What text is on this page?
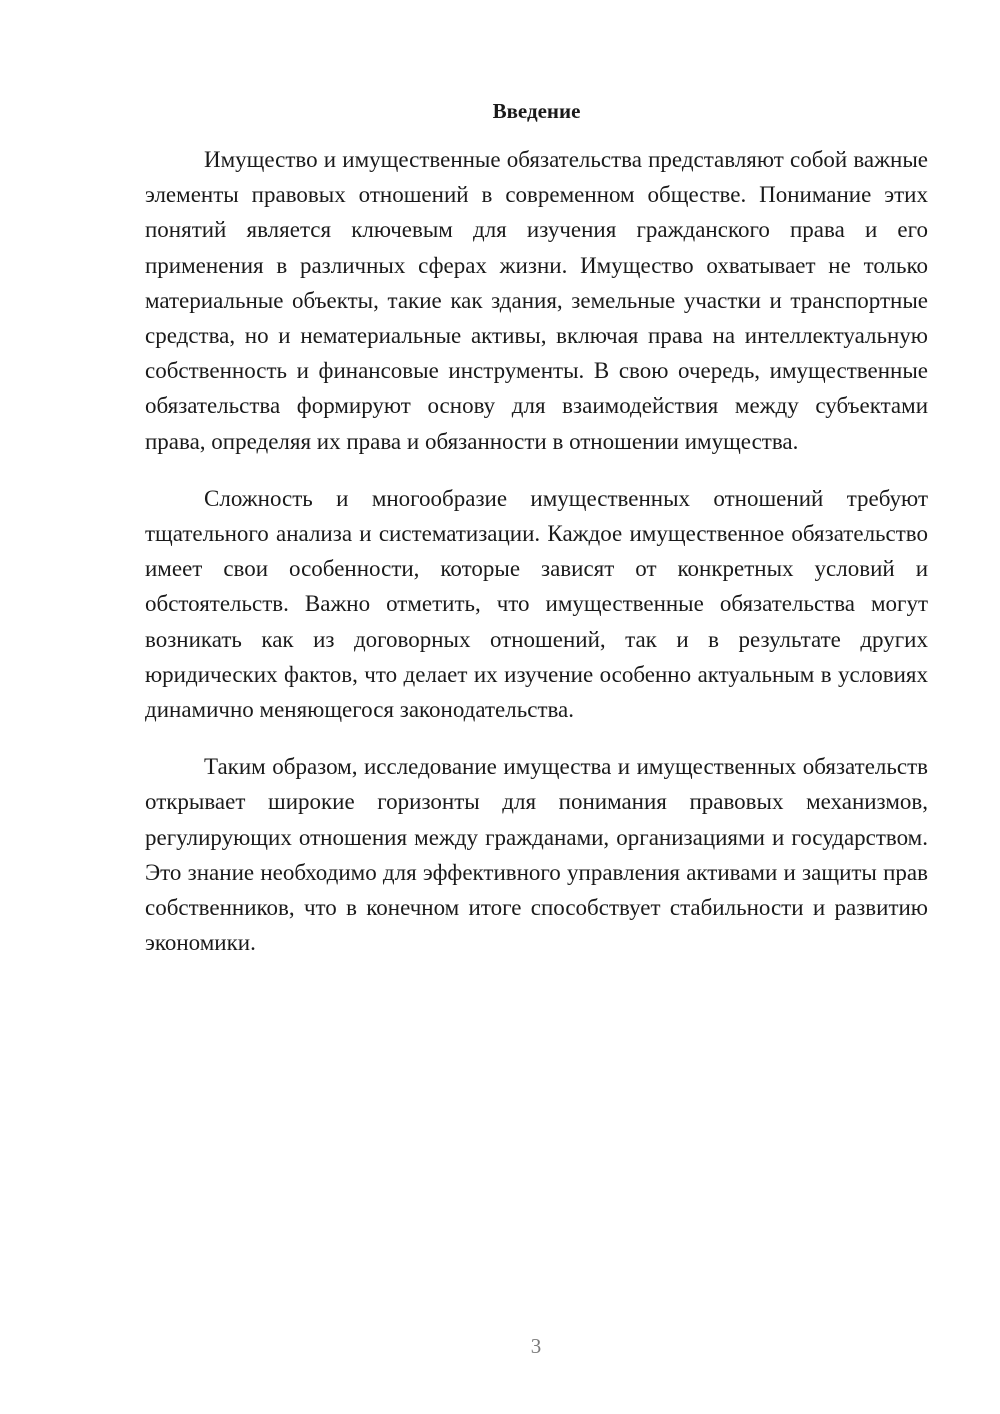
Введение

Имущество и имущественные обязательства представляют собой важные элементы правовых отношений в современном обществе. Понимание этих понятий является ключевым для изучения гражданского права и его применения в различных сферах жизни. Имущество охватывает не только материальные объекты, такие как здания, земельные участки и транспортные средства, но и нематериальные активы, включая права на интеллектуальную собственность и финансовые инструменты. В свою очередь, имущественные обязательства формируют основу для взаимодействия между субъектами права, определяя их права и обязанности в отношении имущества.

Сложность и многообразие имущественных отношений требуют тщательного анализа и систематизации. Каждое имущественное обязательство имеет свои особенности, которые зависят от конкретных условий и обстоятельств. Важно отметить, что имущественные обязательства могут возникать как из договорных отношений, так и в результате других юридических фактов, что делает их изучение особенно актуальным в условиях динамично меняющегося законодательства.

Таким образом, исследование имущества и имущественных обязательств открывает широкие горизонты для понимания правовых механизмов, регулирующих отношения между гражданами, организациями и государством. Это знание необходимо для эффективного управления активами и защиты прав собственников, что в конечном итоге способствует стабильности и развитию экономики.

3
